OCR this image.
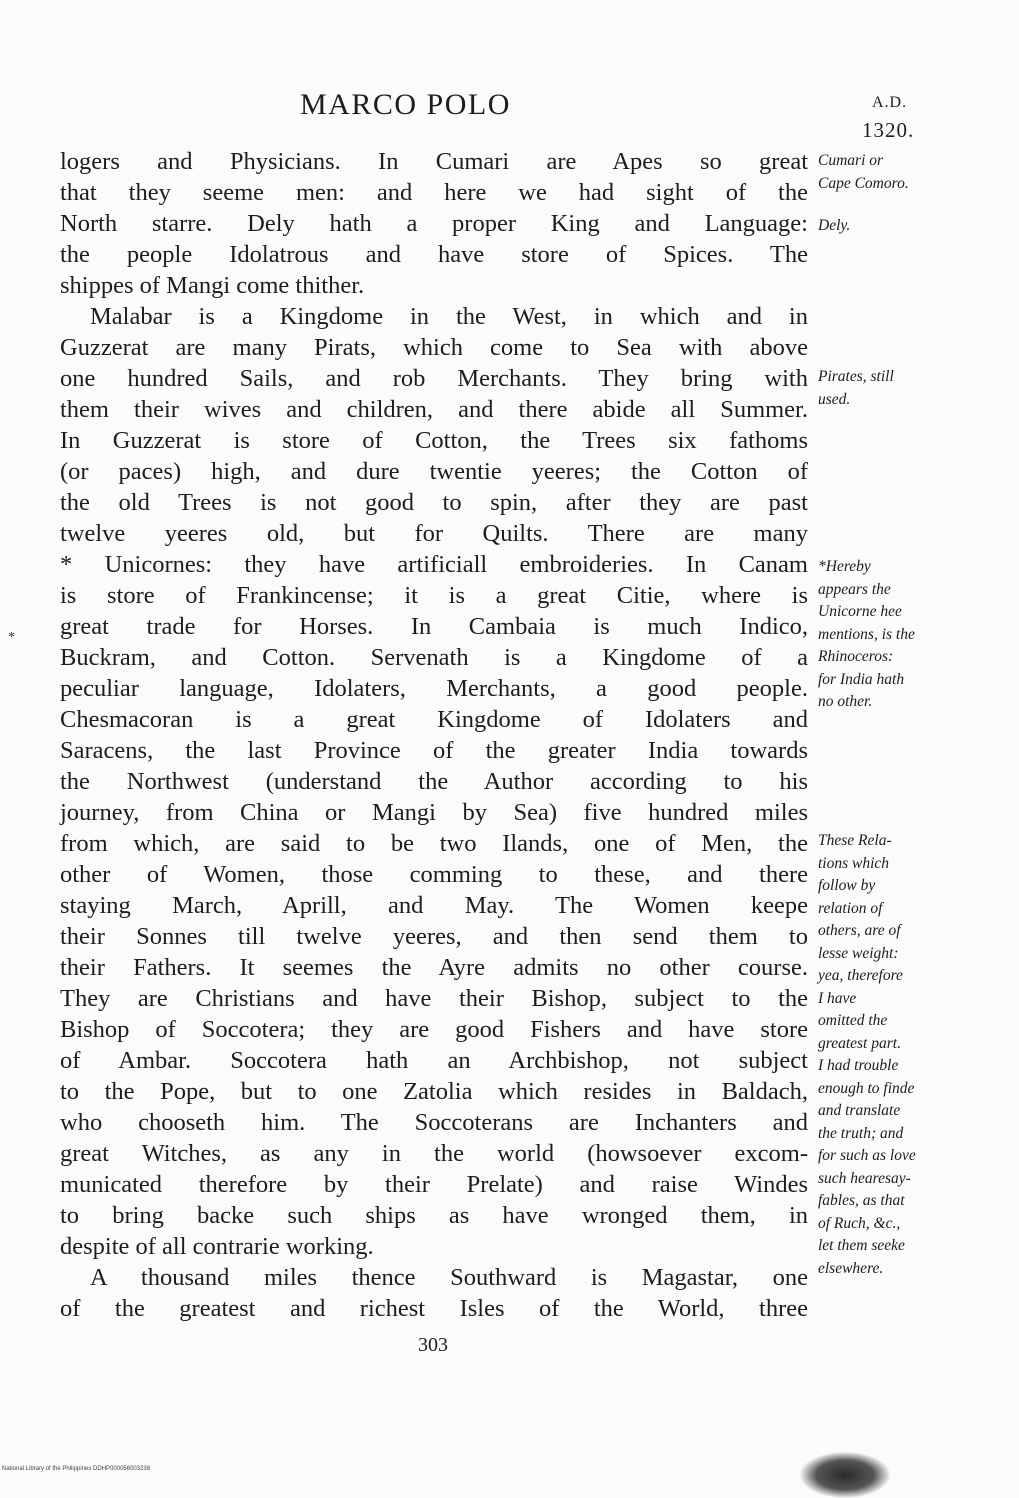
MARCO POLO	A.D.
1320.
*
logers and Physicians. In Cumari are Apes so great
that they seeme men: and here we had sight of the
North starre. Dely hath a proper King and Language:
the people Idolatrous and have store of Spices. The
shippes of Mangi come thither.
Malabar is a Kingdome in the West, in which and in
Guzzerat are many Pirats, which come to Sea with above
one hundred Sails, and rob Merchants. They bring with
them their wives and children, and there abide all Summer.
In Guzzerat is store of Cotton, the Trees six fathoms
(or paces) high, and dure twentie yeeres; the Cotton of
the old Trees is not good to spin, after they are past
twelve yeeres old, but for Quilts. There are many
* Unicornes: they have artificiall embroideries. In Canam
is store of Frankincense; it is a great Citie, where is
great trade for Horses. In Cambaia is much Indico,
Buckram, and Cotton. Servenath is a Kingdome of a
peculiar language, Idolaters, Merchants, a good people.
Chesmacoran is a great Kingdome of Idolaters and
Saracens, the last Province of the greater India towards
the Northwest (understand the Author according to his
journey, from China or Mangi by Sea) five hundred miles
from which, are said to be two Ilands, one of Men, the
other of Women, those comming to these, and there
staying March, Aprill, and May. The Women keepe
their Sonnes till twelve yeeres, and then send them to
their Fathers. It seemes the Ayre admits no other course.
They are Christians and have their Bishop, subject to the
Bishop of Soccotera; they are good Fishers and have store
of Ambar. Soccotera hath an Archbishop, not subject
to the Pope, but to one Zatolia which resides in Baldach,
who chooseth him. The Soccoterans are Inchanters and
great Witches, as any in the world (howsoever excom-
municated therefore by their Prelate) and raise Windes
to bring backe such ships as have wronged them, in
despite of all contrarie working.
A thousand miles thence Southward is Magastar, one
of the greatest and richest Isles of the World, three
Cumari or
Cape Comoro.
Dely.
Pirates, still
used.
*Hereby
appears the
Unicorne hee
mentions, is the
Rhinoceros:
for India hath
no other.
These Rela-
tions which
follow by
relation of
others, are of
lesse weight:
yea, therefore
I have
omitted the
greatest part.
I had trouble
enough to finde
and translate
the truth; and
for such as love
such hearesay-
fables, as that
of Ruch, &c.,
let them seeke
elsewhere.
303
National Library of the Philippines DDHP000056003238
